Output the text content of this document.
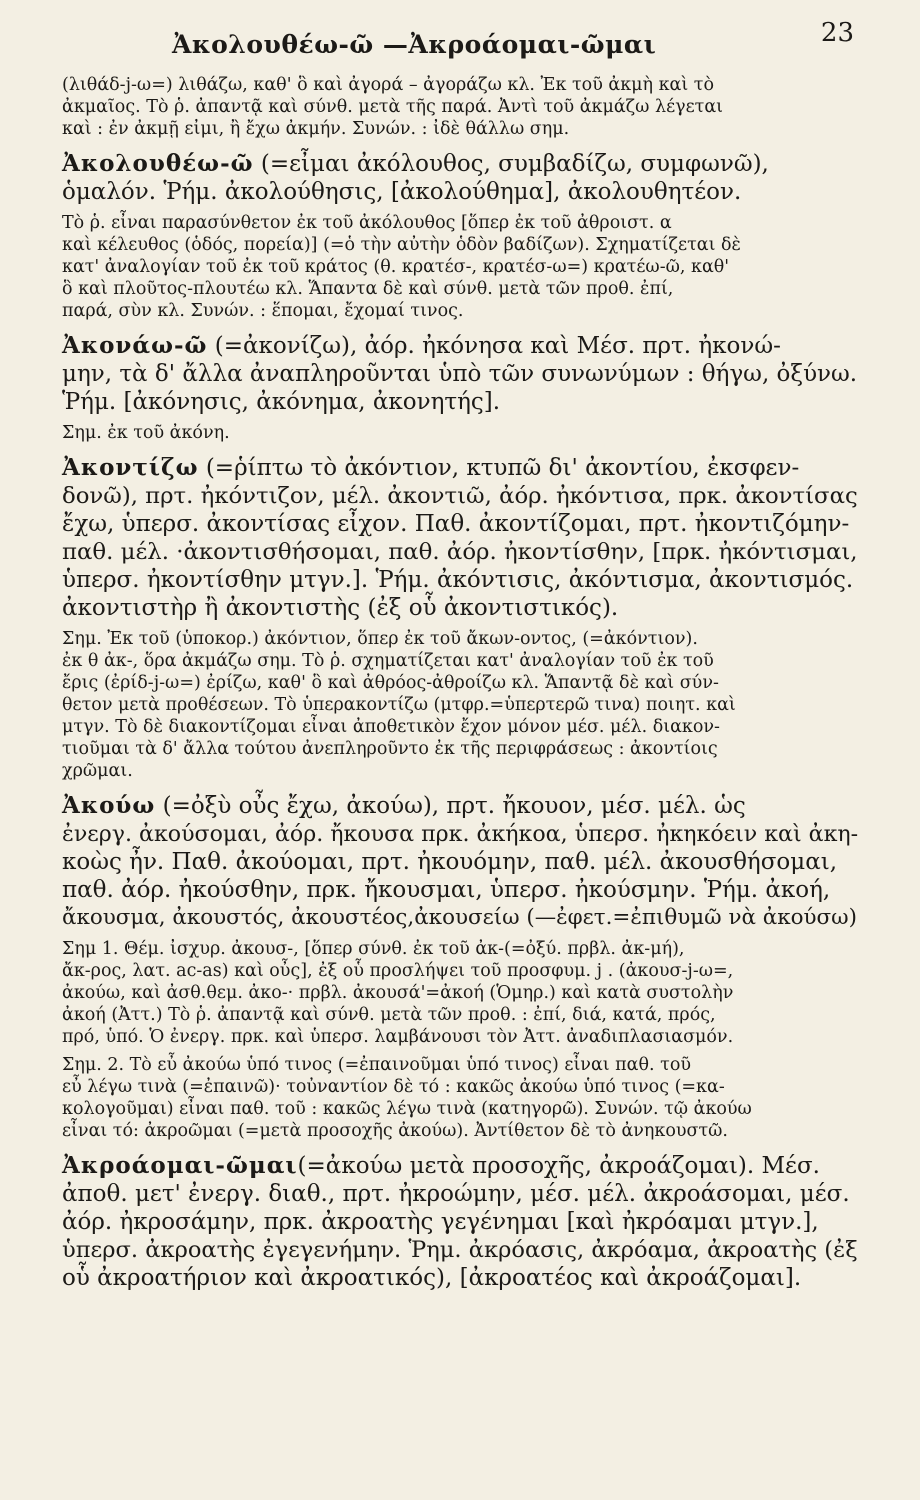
Ἀκολουθέω-ῶ —Ἀκροάομαι-ῶμαι	23
(λιθάδ-j-ω=) λιθάζω, καθ' ὃ καὶ ἀγορά – ἀγοράζω κλ. Ἐκ τοῦ ἀκμὴ καὶ τὸ
ἀκμαῖος. Τὸ ῥ. ἀπαντᾷ καὶ σύνθ. μετὰ τῆς παρά. Ἀντὶ τοῦ ἀκμάζω λέγεται
καὶ : ἐν ἀκμῇ εἰμι, ἢ ἔχω ἀκμήν. Συνών. : ἰδὲ θάλλω σημ.
Ἀκολουθέω-ῶ (=εἶμαι ἀκόλουθος, συμβαδίζω, συμφωνῶ),
ὁμαλόν. Ῥήμ. ἀκολούθησις, [ἀκολούθημα], ἀκολουθητέον.
Τὸ ῥ. εἶναι παρασύνθετον ἐκ τοῦ ἀκόλουθος [ὅπερ ἐκ τοῦ ἀθροιστ. α
καὶ κέλευθος (ὁδός, πορεία)] (=ὁ τὴν αὐτὴν ὁδὸν βαδίζων). Σχηματίζεται δὲ
κατ' ἀναλογίαν τοῦ ἐκ τοῦ κράτος (θ. κρατέσ-, κρατέσ-ω=) κρατέω-ῶ, καθ'
ὃ καὶ πλοῦτος-πλουτέω κλ. Ἅπαντα δὲ καὶ σύνθ. μετὰ τῶν προθ. ἐπί,
παρά, σὺν κλ. Συνών. : ἕπομαι, ἔχομαί τινος.
Ἀκονάω-ῶ (=ἀκονίζω), ἀόρ. ἠκόνησα καὶ Μέσ. πρτ. ἠκονώ-
μην, τὰ δ' ἄλλα ἀναπληροῦνται ὑπὸ τῶν συνωνύμων : θήγω, ὀξύνω.
Ῥήμ. [ἀκόνησις, ἀκόνημα, ἀκονητής].
Σημ. ἐκ τοῦ ἀκόνη.
Ἀκοντίζω (=ῥίπτω τὸ ἀκόντιον, κτυπῶ δι' ἀκοντίου, ἐκσφεν-
δονῶ), πρτ. ἠκόντιζον, μέλ. ἀκοντιῶ, ἀόρ. ἠκόντισα, πρκ. ἀκοντίσας
ἔχω, ὑπερσ. ἀκοντίσας εἶχον. Παθ. ἀκοντίζομαι, πρτ. ἠκοντιζόμην-
παθ. μέλ. ·ἀκοντισθήσομαι, παθ. ἀόρ. ἠκοντίσθην, [πρκ. ἠκόντισμαι,
ὑπερσ. ἠκοντίσθην μτγν.]. Ῥήμ. ἀκόντισις, ἀκόντισμα, ἀκοντισμός.
ἀκοντιστὴρ ἢ ἀκοντιστὴς (ἐξ οὗ ἀκοντιστικός).
Σημ. Ἐκ τοῦ (ὑποκορ.) ἀκόντιον, ὅπερ ἐκ τοῦ ἄκων-οντος, (=ἀκόντιον).
ἐκ θ ἀκ-, ὅρα ἀκμάζω σημ. Τὸ ῥ. σχηματίζεται κατ' ἀναλογίαν τοῦ ἐκ τοῦ
ἔρις (ἐρίδ-j-ω=) ἐρίζω, καθ' ὃ καὶ ἀθρόος-ἀθροίζω κλ. Ἅπαντᾷ δὲ καὶ σύν-
θετον μετὰ προθέσεων. Τὸ ὑπερακοντίζω (μτφρ.=ὑπερτερῶ τινα) ποιητ. καὶ
μτγν. Τὸ δὲ διακοντίζομαι εἶναι ἀποθετικὸν ἔχον μόνον μέσ. μέλ. διακον-
τιοῦμαι τὰ δ' ἄλλα τούτου ἀνεπληροῦντο ἐκ τῆς περιφράσεως : ἀκοντίοις
χρῶμαι.
Ἀκούω (=ὀξὺ οὖς ἔχω, ἀκούω), πρτ. ἤκουον, μέσ. μέλ. ὡς
ἐνεργ. ἀκούσομαι, ἀόρ. ἤκουσα πρκ. ἀκήκοα, ὑπερσ. ἠκηκόειν καὶ ἀκη-
κοὼς ἦν. Παθ. ἀκούομαι, πρτ. ἠκουόμην, παθ. μέλ. ἀκουσθήσομαι,
παθ. ἀόρ. ἠκούσθην, πρκ. ἤκουσμαι, ὑπερσ. ἠκούσμην. Ῥήμ. ἀκοή,
ἄκουσμα, ἀκουστός, ἀκουστέος,ἀκουσείω (—ἐφετ.=ἐπιθυμῶ νὰ ἀκούσω)
Σημ 1. Θέμ. ἰσχυρ. ἀκουσ-, [ὅπερ σύνθ. ἐκ τοῦ ἀκ-(=ὀξύ. πρβλ. ἀκ-μή),
ἄκ-ρος, λατ. ac-as) καὶ οὖς], ἐξ οὗ προσλήψει τοῦ προσφυμ. j . (ἀκουσ-j-ω=,
ἀκούω, καὶ ἀσθ.θεμ. ἀκο-· πρβλ. ἀκουσά'=ἀκοή (Ὁμηρ.) καὶ κατὰ συστολὴν
ἀκοή (Ἀττ.) Τὸ ῥ. ἀπαντᾷ καὶ σύνθ. μετὰ τῶν προθ. : ἐπί, διά, κατά, πρός,
πρό, ὑπό. Ὁ ἐνεργ. πρκ. καὶ ὑπερσ. λαμβάνουσι τὸν Ἀττ. ἀναδιπλασιασμόν.
Σημ. 2. Τὸ εὖ ἀκούω ὑπό τινος (=ἐπαινοῦμαι ὑπό τινος) εἶναι παθ. τοῦ
εὖ λέγω τινὰ (=ἐπαινῶ)· τοὐναντίον δὲ τό : κακῶς ἀκούω ὑπό τινος (=κα-
κολογοῦμαι) εἶναι παθ. τοῦ : κακῶς λέγω τινὰ (κατηγορῶ). Συνών. τῷ ἀκούω
εἶναι τό: ἀκροῶμαι (=μετὰ προσοχῆς ἀκούω). Ἀντίθετον δὲ τὸ ἀνηκουστῶ.
Ἀκροάομαι-ῶμαι(=ἀκούω μετὰ προσοχῆς, ἀκροάζομαι). Μέσ.
ἀποθ. μετ' ἐνεργ. διαθ., πρτ. ἠκροώμην, μέσ. μέλ. ἀκροάσομαι, μέσ.
ἀόρ. ἠκροσάμην, πρκ. ἀκροατὴς γεγένημαι [καὶ ἠκρόαμαι μτγν.],
ὑπερσ. ἀκροατὴς ἐγεγενήμην. Ῥημ. ἀκρόασις, ἀκρόαμα, ἀκροατὴς (ἐξ
οὗ ἀκροατήριον καὶ ἀκροατικός), [ἀκροατέος καὶ ἀκροάζομαι].
